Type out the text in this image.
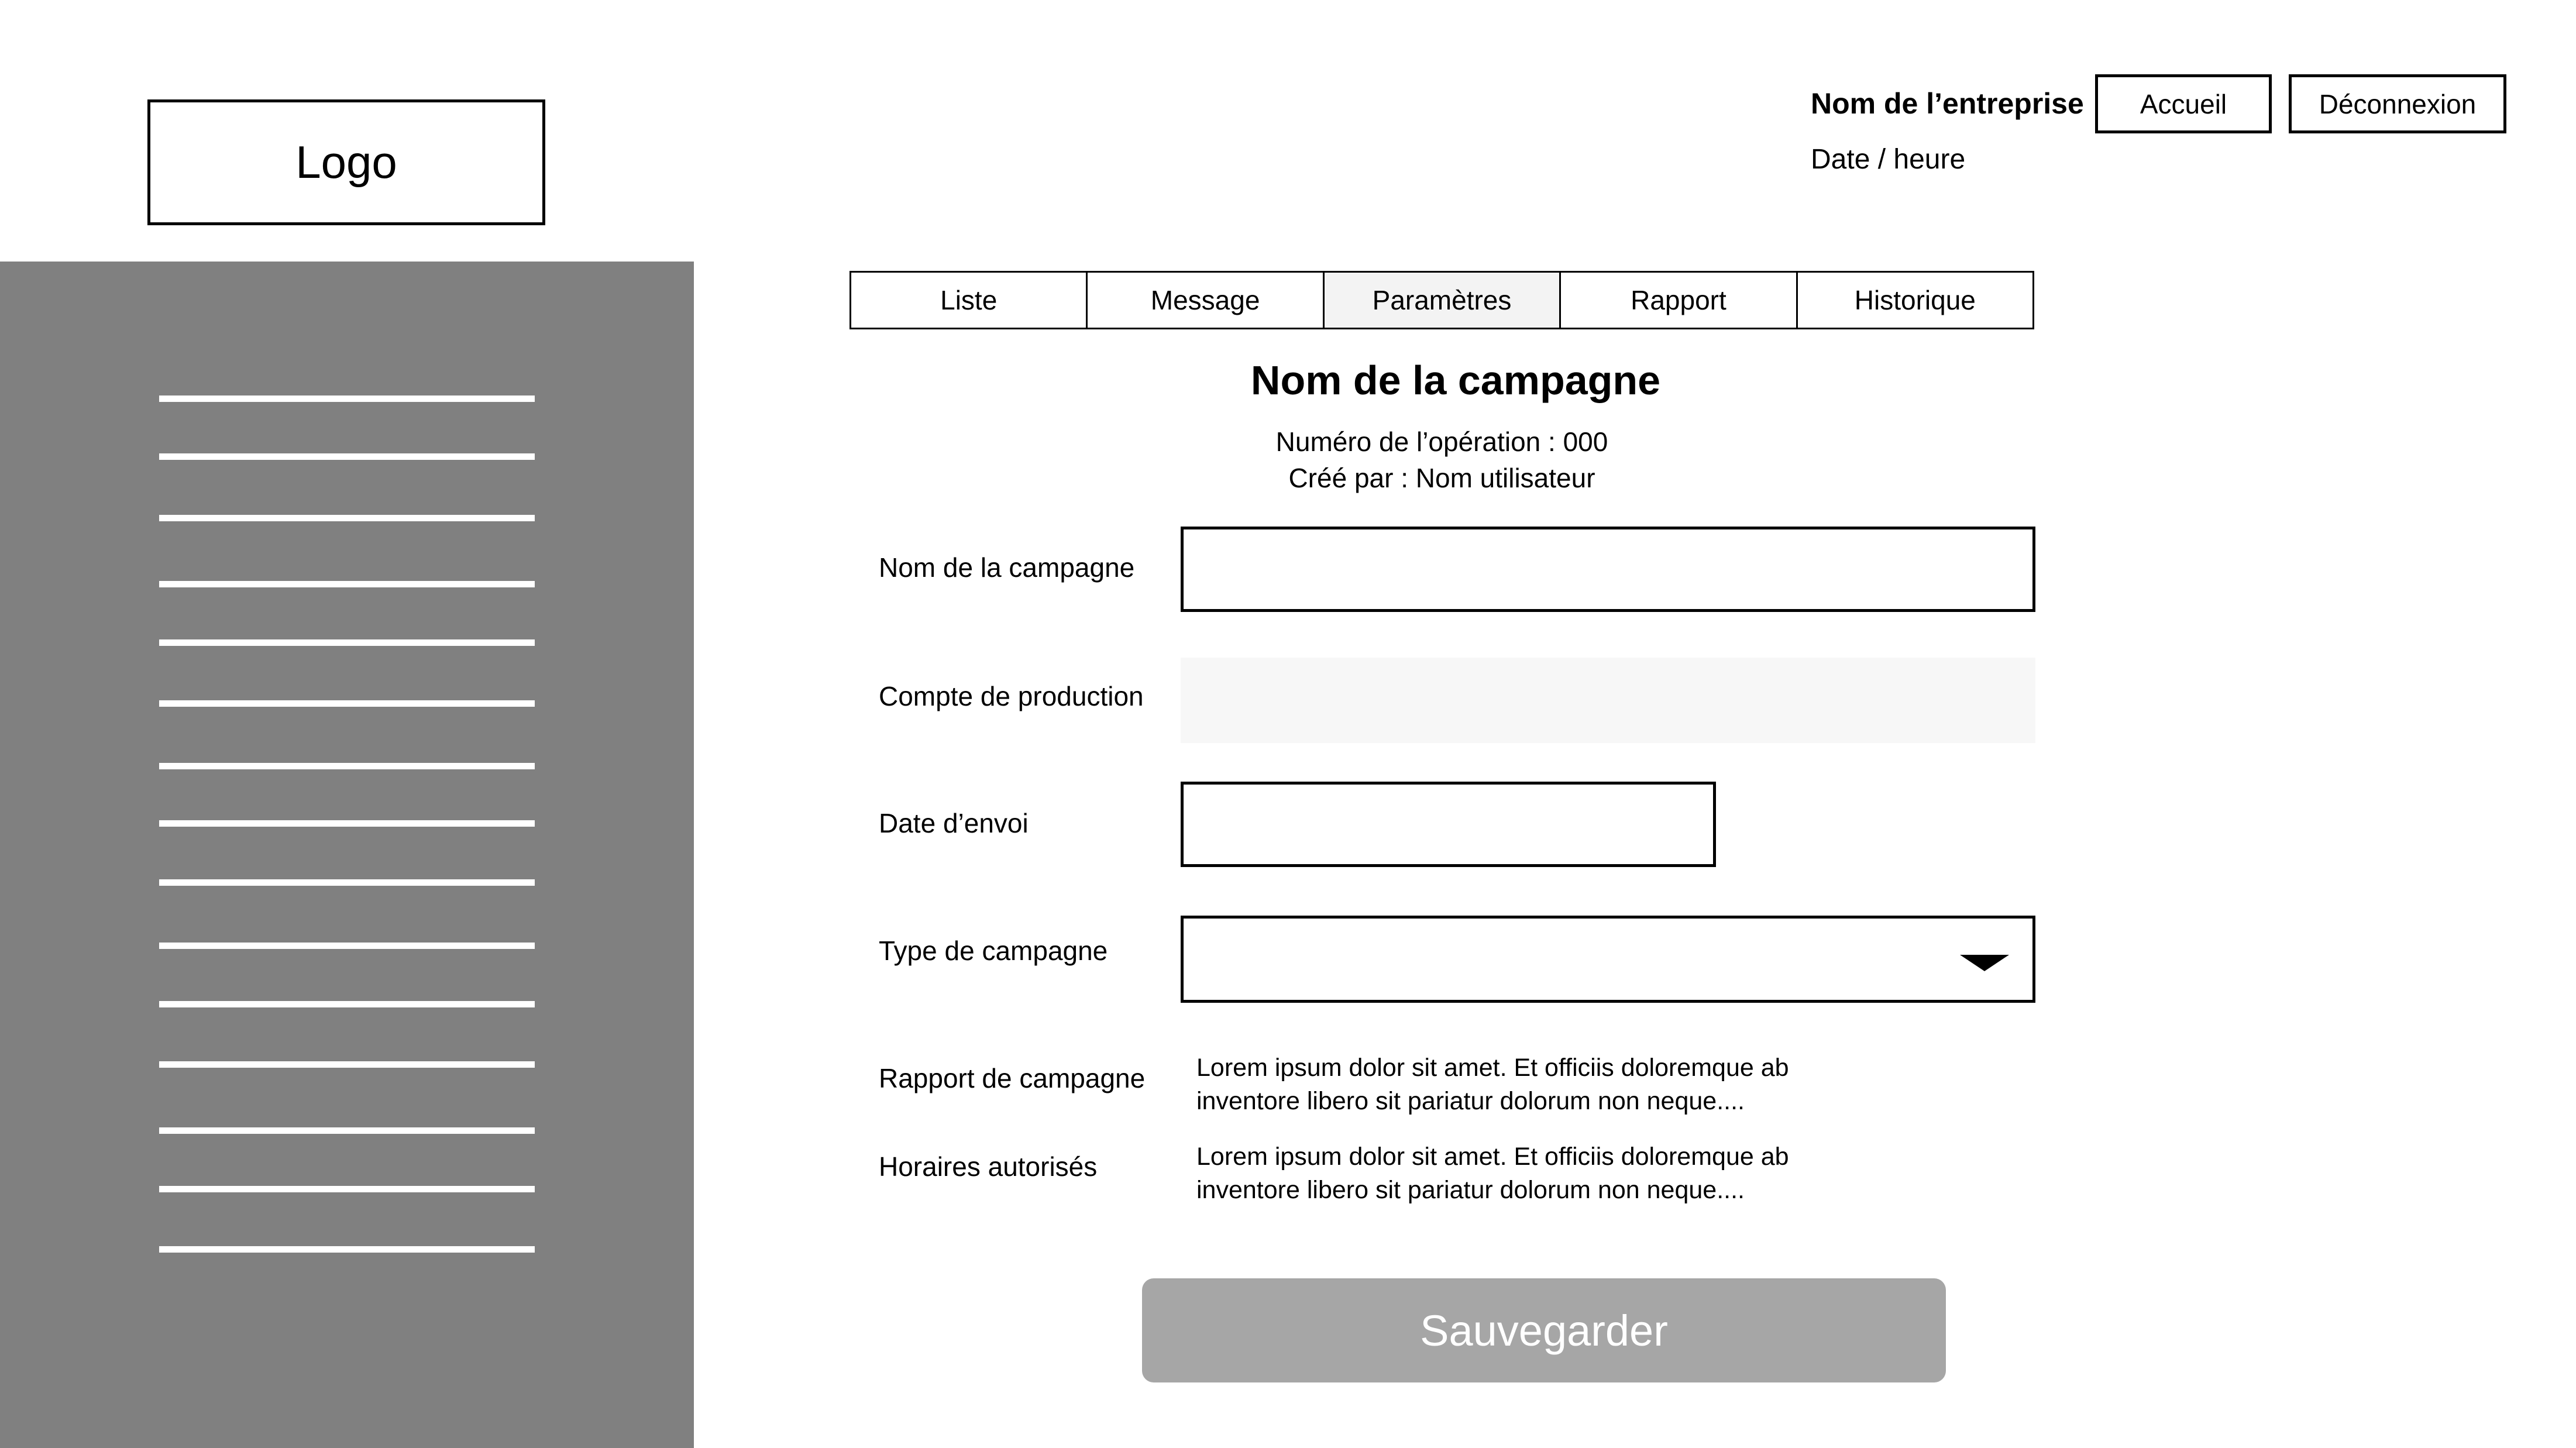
Logo
Nom de l’entreprise
Date / heure
Accueil	Déconnexion
Liste	Message	Paramètres	Rapport	Historique
Nom de la campagne
Numéro de l’opération : 000
Créé par : Nom utilisateur
Nom de la campagne
Compte de production
Date d’envoi
Type de campagne
Rapport de campagne Lorem ipsum dolor sit amet. Et officiis doloremque ab inventore libero sit pariatur dolorum non neque....
Horaires autorisés	Lorem ipsum dolor sit amet. Et officiis doloremque ab inventore libero sit pariatur dolorum non neque....
Sauvegarder
